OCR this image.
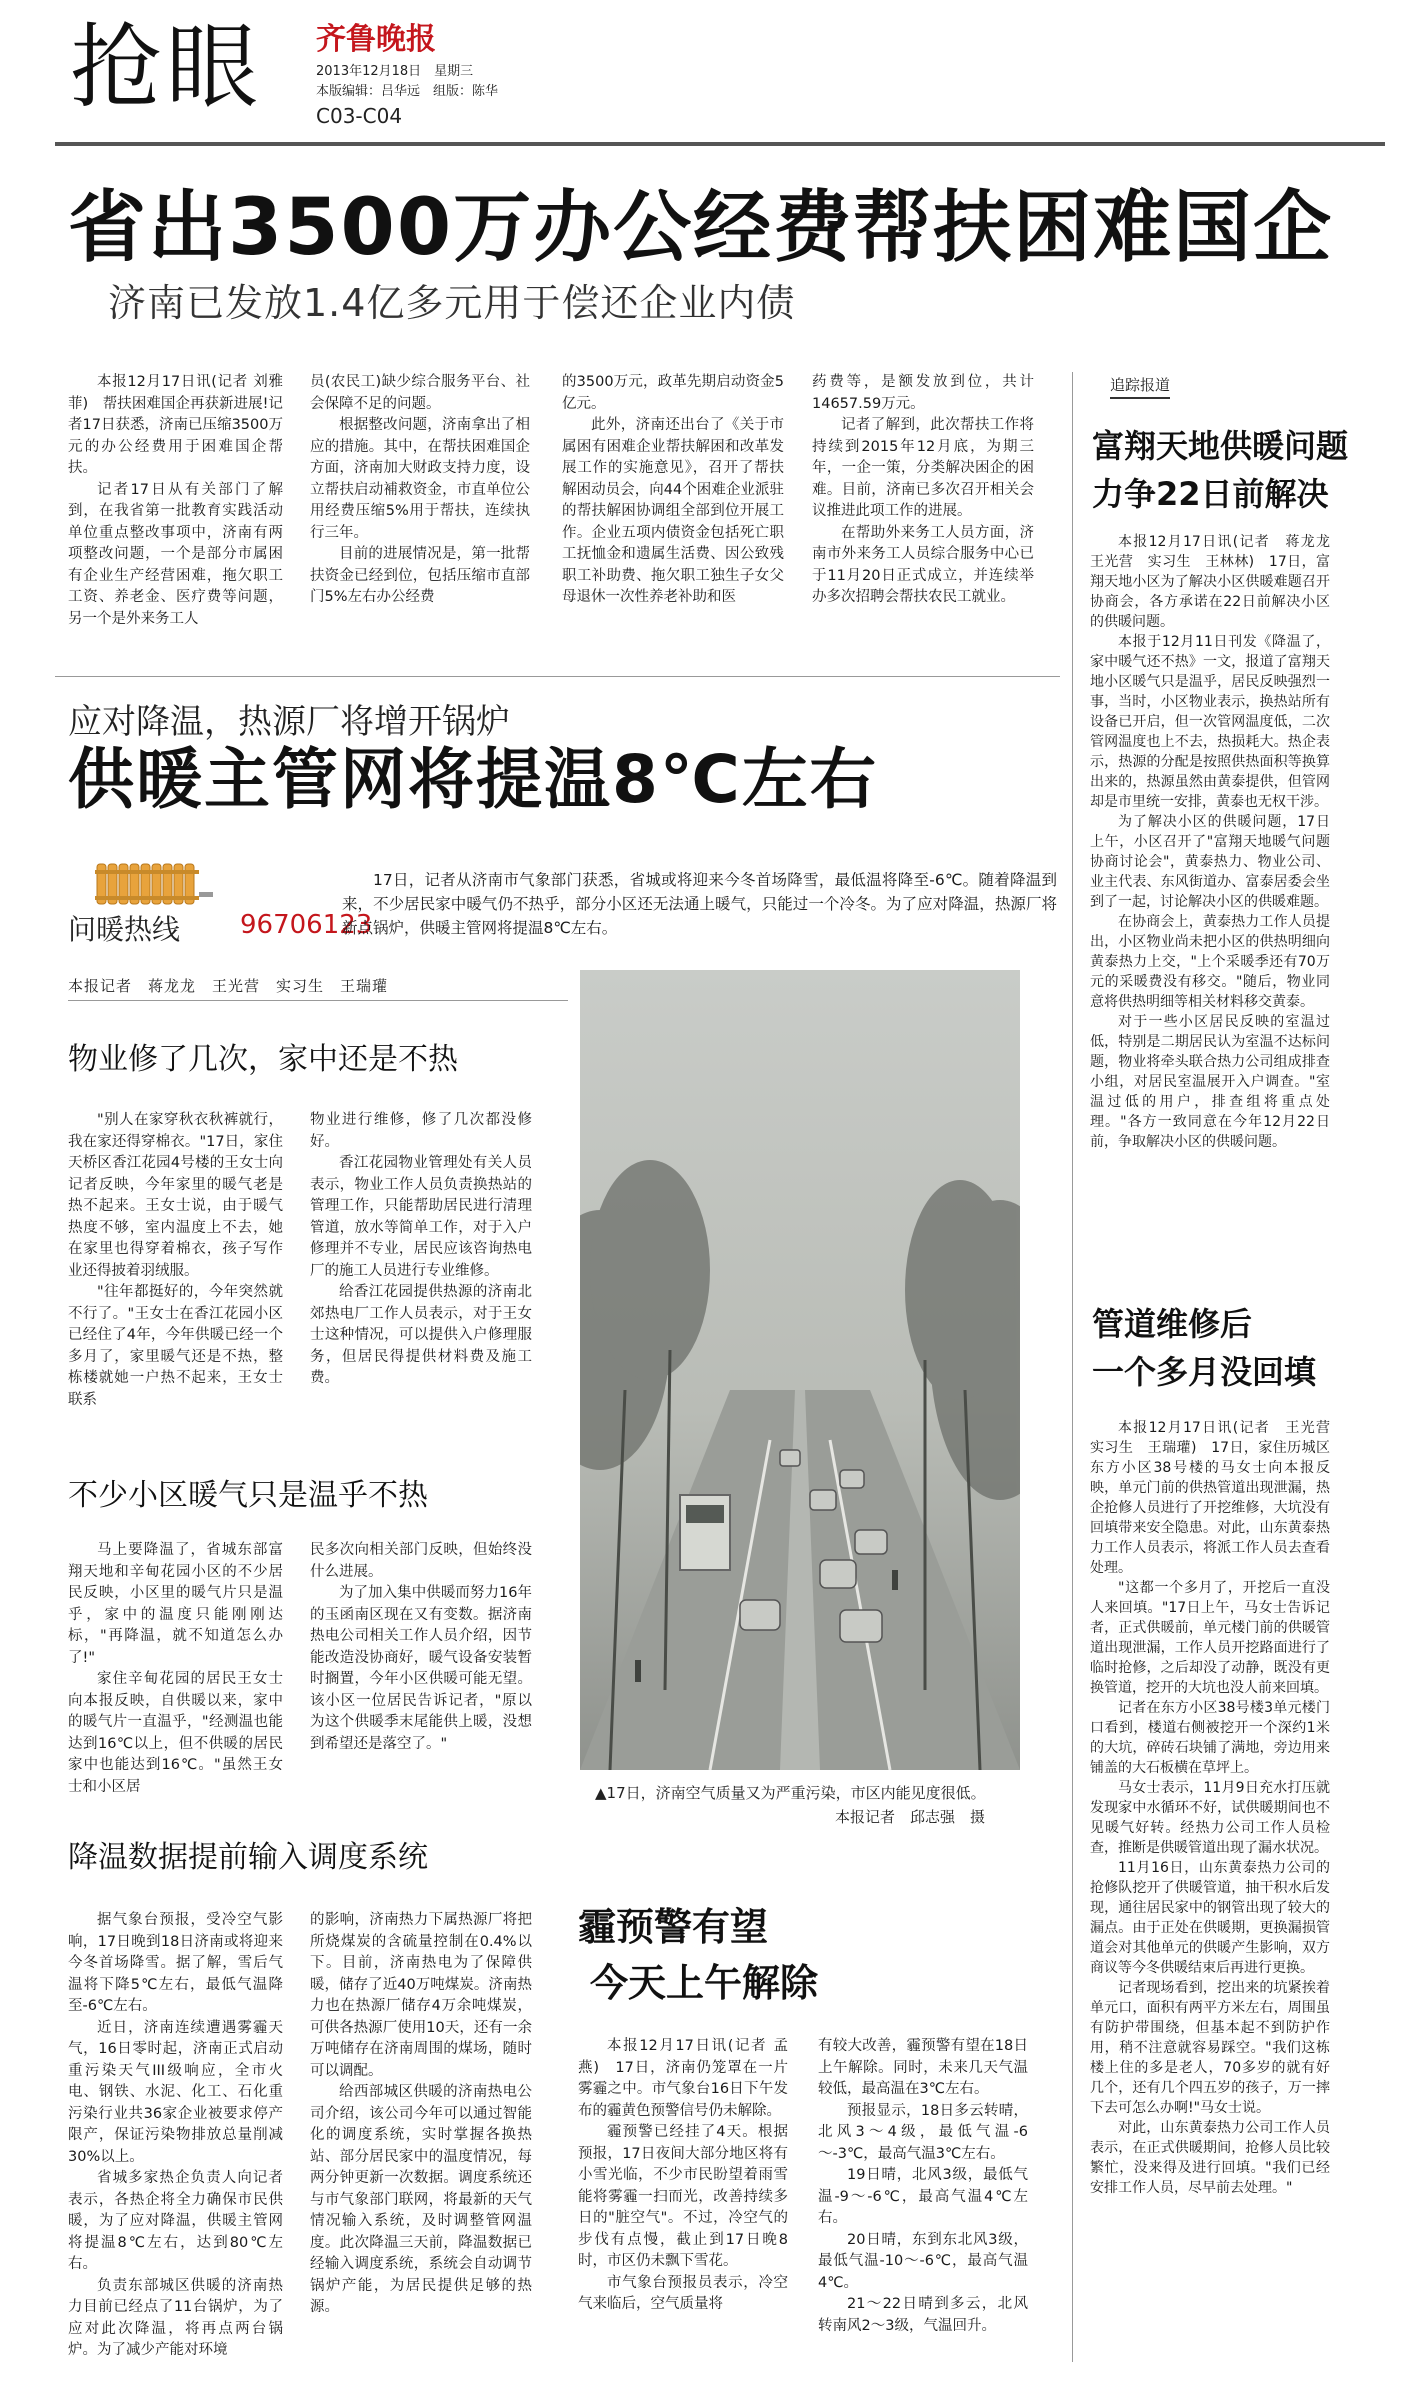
抢眼 齐鲁晚报
2013年12月18日　星期三
本版编辑：吕华远　组版：陈华
C03-C04
省出3500万办公经费帮扶困难国企
济南已发放1.4亿多元用于偿还企业内债

本报12月17日讯(记者 刘雅菲)　帮扶困难国企再获新进展!记者17日获悉，济南已压缩3500万元的办公经费用于困难国企帮扶。

记者17日从有关部门了解到，在我省第一批教育实践活动单位重点整改事项中，济南有两项整改问题，一个是部分市属困有企业生产经营困难，拖欠职工工资、养老金、医疗费等问题，另一个是外来务工人

员(农民工)缺少综合服务平台、社会保障不足的问题。

根据整改问题，济南拿出了相应的措施。其中，在帮扶困难国企方面，济南加大财政支持力度，设立帮扶启动補救资金，市直单位公用经费压缩5%用于帮扶，连续执行三年。

目前的进展情况是，第一批帮扶资金已经到位，包括压缩市直部门5%左右办公经费

的3500万元，政革先期启动资金5亿元。

此外，济南还出台了《关于市属困有困难企业帮扶解困和改革发展工作的实施意见》，召开了帮扶解困动员会，向44个困难企业派驻的帮扶解困协调组全部到位开展工作。企业五项内债资金包括死亡职工抚恤金和遗属生活费、因公致残职工补助费、拖欠职工独生子女父母退休一次性养老补助和医

药费等，是额发放到位，共计14657.59万元。

记者了解到，此次帮扶工作将持续到2015年12月底，为期三年，一企一策，分类解决困企的困难。目前，济南已多次召开相关会议推进此项工作的进展。

在帮助外来务工人员方面，济南市外来务工人员综合服务中心已于11月20日正式成立，并连续举办多次招聘会帮扶农民工就业。

应对降温，热源厂将增开锅炉
供暖主管网将提温8℃左右
问暖热线 96706123

17日，记者从济南市气象部门获悉，省城或将迎来今冬首场降雪，最低温将降至-6℃。随着降温到来，不少居民家中暖气仍不热乎，部分小区还无法通上暖气，只能过一个冷冬。为了应对降温，热源厂将新点锅炉，供暖主管网将提温8℃左右。

本报记者　蒋龙龙　王光营　实习生　王瑞瓘
物业修了几次，家中还是不热

"别人在家穿秋衣秋裤就行，我在家还得穿棉衣。"17日，家住天桥区香江花园4号楼的王女士向记者反映，今年家里的暖气老是热不起来。王女士说，由于暖气热度不够，室内温度上不去，她在家里也得穿着棉衣，孩子写作业还得披着羽绒服。

"往年都挺好的，今年突然就不行了。"王女士在香江花园小区已经住了4年，今年供暖已经一个多月了，家里暖气还是不热，整栋楼就她一户热不起来，王女士联系

物业进行维修，修了几次都没修好。

香江花园物业管理处有关人员表示，物业工作人员负责换热站的管理工作，只能帮助居民进行清理管道，放水等简单工作，对于入户修理并不专业，居民应该咨询热电厂的施工人员进行专业维修。

给香江花园提供热源的济南北郊热电厂工作人员表示，对于王女士这种情况，可以提供入户修理服务，但居民得提供材料费及施工费。

不少小区暖气只是温乎不热

马上要降温了，省城东部富翔天地和辛甸花园小区的不少居民反映，小区里的暖气片只是温乎，家中的温度只能刚刚达标，"再降温，就不知道怎么办了!"

家住辛甸花园的居民王女士向本报反映，自供暖以来，家中的暖气片一直温乎，"经测温也能达到16℃以上，但不供暖的居民家中也能达到16℃。"虽然王女士和小区居

民多次向相关部门反映，但始终没什么进展。

为了加入集中供暖而努力16年的玉函南区现在又有变数。据济南热电公司相关工作人员介绍，因节能改造没协商好，暖气设备安装暂时搁置，今年小区供暖可能无望。该小区一位居民告诉记者，"原以为这个供暖季末尾能供上暖，没想到希望还是落空了。"

▲17日，济南空气质量又为严重污染，市区内能见度很低。
本报记者　邱志强　摄
降温数据提前输入调度系统

据气象台预报，受冷空气影响，17日晚到18日济南或将迎来今冬首场降雪。据了解，雪后气温将下降5℃左右，最低气温降至-6℃左右。

近日，济南连续遭遇雾霾天气，16日零时起，济南正式启动重污染天气III级响应，全市火电、钢铁、水泥、化工、石化重污染行业共36家企业被要求停产限产，保证污染物排放总量削减30%以上。

省城多家热企负责人向记者表示，各热企将全力确保市民供暖，为了应对降温，供暖主管网将提温8℃左右，达到80℃左右。

负责东部城区供暖的济南热力目前已经点了11台锅炉，为了应对此次降温，将再点两台锅炉。为了减少产能对环境

的影响，济南热力下属热源厂将把所烧煤炭的含硫量控制在0.4%以下。目前，济南热电为了保障供暖，储存了近40万吨煤炭。济南热力也在热源厂储存4万余吨煤炭，可供各热源厂使用10天，还有一余万吨储存在济南周围的煤场，随时可以调配。

给西部城区供暖的济南热电公司介绍，该公司今年可以通过智能化的调度系统，实时掌握各换热站、部分居民家中的温度情况，每两分钟更新一次数据。调度系统还与市气象部门联网，将最新的天气情况输入系统，及时调整管网温度。此次降温三天前，降温数据已经输入调度系统，系统会自动调节锅炉产能，为居民提供足够的热源。

霾预警有望
今天上午解除

本报12月17日讯(记者 孟燕)　17日，济南仍笼罩在一片雾霾之中。市气象台16日下午发布的霾黄色预警信号仍未解除。

霾预警已经挂了4天。根据预报，17日夜间大部分地区将有小雪光临，不少市民盼望着雨雪能将雾霾一扫而光，改善持续多日的"脏空气"。不过，冷空气的步伐有点慢，截止到17日晚8时，市区仍未飘下雪花。

市气象台预报员表示，冷空气来临后，空气质量将

有较大改善，霾预警有望在18日上午解除。同时，未来几天气温较低，最高温在3℃左右。

预报显示，18日多云转晴，北风3～4级，最低气温-6～-3℃，最高气温3℃左右。

19日晴，北风3级，最低气温-9～-6℃，最高气温4℃左右。

20日晴，东到东北风3级，最低气温-10～-6℃，最高气温4℃。

21～22日晴到多云，北风转南风2～3级，气温回升。

追踪报道
富翔天地供暖问题
力争22日前解决

本报12月17日讯(记者　蒋龙龙　王光营　实习生　王林林)　17日，富翔天地小区为了解决小区供暖难题召开协商会，各方承诺在22日前解决小区的供暖问题。

本报于12月11日刊发《降温了，家中暖气还不热》一文，报道了富翔天地小区暖气只是温乎，居民反映强烈一事，当时，小区物业表示，换热站所有设备已开启，但一次管网温度低，二次管网温度也上不去，热损耗大。热企表示，热源的分配是按照供热面积等换算出来的，热源虽然由黄泰提供，但管网却是市里统一安排，黄泰也无权干涉。

为了解决小区的供暖问题，17日上午，小区召开了"富翔天地暖气问题协商讨论会"，黄泰热力、物业公司、业主代表、东风街道办、富泰居委会坐到了一起，讨论解决小区的供暖难题。

在协商会上，黄泰热力工作人员提出，小区物业尚未把小区的供热明细向黄泰热力上交，"上个采暖季还有70万元的采暖费没有移交。"随后，物业同意将供热明细等相关材料移交黄泰。

对于一些小区居民反映的室温过低，特别是二期居民认为室温不达标问题，物业将牵头联合热力公司组成排查小组，对居民室温展开入户调查。"室温过低的用户，排查组将重点处理。"各方一致同意在今年12月22日前，争取解决小区的供暖问题。

管道维修后
一个多月没回填

本报12月17日讯(记者　王光营　实习生　王瑞瓘)　17日，家住历城区东方小区38号楼的马女士向本报反映，单元门前的供热管道出现泄漏，热企抢修人员进行了开挖维修，大坑没有回填带来安全隐患。对此，山东黄泰热力工作人员表示，将派工作人员去查看处理。

"这都一个多月了，开挖后一直没人来回填。"17日上午，马女士告诉记者，正式供暖前，单元楼门前的供暖管道出现泄漏，工作人员开挖路面进行了临时抢修，之后却没了动静，既没有更换管道，挖开的大坑也没人前来回填。

记者在东方小区38号楼3单元楼门口看到，楼道右侧被挖开一个深约1米的大坑，碎砖石块铺了满地，旁边用来铺盖的大石板横在草坪上。

马女士表示，11月9日充水打压就发现家中水循环不好，试供暖期间也不见暖气好转。经热力公司工作人员检查，推断是供暖管道出现了漏水状况。

11月16日，山东黄泰热力公司的抢修队挖开了供暖管道，抽干积水后发现，通往居民家中的钢管出现了较大的漏点。由于正处在供暖期，更换漏损管道会对其他单元的供暖产生影响，双方商议等今冬供暖结束后再进行更换。

记者现场看到，挖出来的坑紧挨着单元口，面积有两平方米左右，周围虽有防护带围绕，但基本起不到防护作用，稍不注意就容易踩空。"我们这栋楼上住的多是老人，70多岁的就有好几个，还有几个四五岁的孩子，万一摔下去可怎么办啊!"马女士说。

对此，山东黄泰热力公司工作人员表示，在正式供暖期间，抢修人员比较繁忙，没来得及进行回填。"我们已经安排工作人员，尽早前去处理。"
